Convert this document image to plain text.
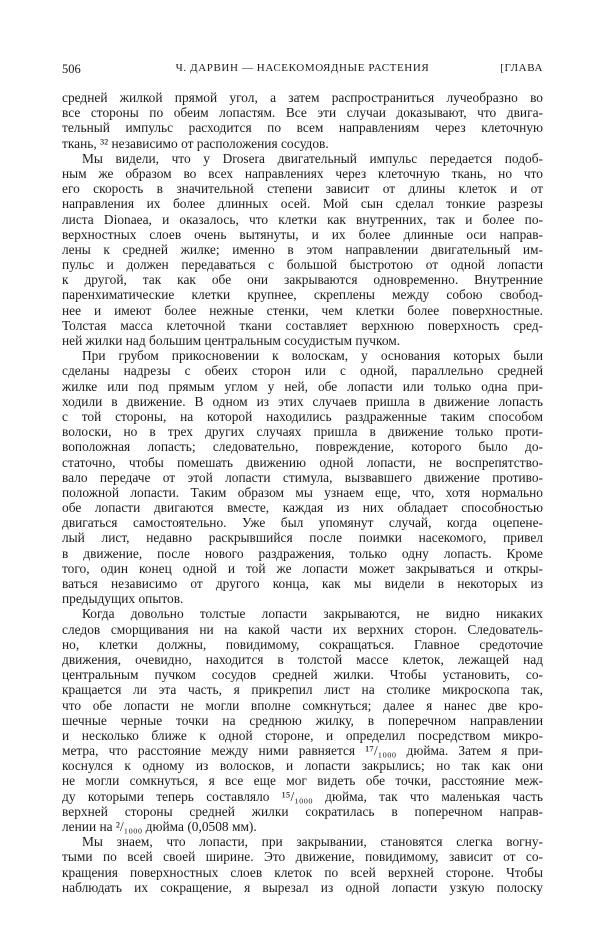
506	Ч. ДАРВИН — НАСЕКОМОЯДНЫЕ РАСТЕНИЯ	[ГЛАВА
средней жилкой прямой угол, а затем распространиться лучеобразно во
все стороны по обеим лопастям. Все эти случаи доказывают, что двига-
тельный импульс расходится по всем направлениям через клеточную
ткань, ³² независимо от расположения сосудов.
Мы видели, что у Drosera двигательный импульс передается подоб-
ным же образом во всех направлениях через клеточную ткань, но что
его скорость в значительной степени зависит от длины клеток и от
направления их более длинных осей. Мой сын сделал тонкие разрезы
листа Dionaea, и оказалось, что клетки как внутренних, так и более по-
верхностных слоев очень вытянуты, и их более длинные оси направ-
лены к средней жилке; именно в этом направлении двигательный им-
пульс и должен передаваться с большой быстротою от одной лопасти
к другой, так как обе они закрываются одновременно. Внутренние
паренхиматические клетки крупнее, скреплены между собою свобод-
нее и имеют более нежные стенки, чем клетки более поверхностные.
Толстая масса клеточной ткани составляет верхнюю поверхность сред-
ней жилки над большим центральным сосудистым пучком.
При грубом прикосновении к волоскам, у основания которых были
сделаны надрезы с обеих сторон или с одной, параллельно средней
жилке или под прямым углом у ней, обе лопасти или только одна при-
ходили в движение. В одном из этих случаев пришла в движение лопасть
с той стороны, на которой находились раздраженные таким способом
волоски, но в трех других случаях пришла в движение только проти-
воположная лопасть; следовательно, повреждение, которого было до-
статочно, чтобы помешать движению одной лопасти, не воспрепятство-
вало передаче от этой лопасти стимула, вызвавшего движение противо-
положной лопасти. Таким образом мы узнаем еще, что, хотя нормально
обе лопасти двигаются вместе, каждая из них обладает способностью
двигаться самостоятельно. Уже был упомянут случай, когда оцепене-
лый лист, недавно раскрывшийся после поимки насекомого, привел
в движение, после нового раздражения, только одну лопасть. Кроме
того, один конец одной и той же лопасти может закрываться и откры-
ваться независимо от другого конца, как мы видели в некоторых из
предыдущих опытов.
Когда довольно толстые лопасти закрываются, не видно никаких
следов сморщивания ни на какой части их верхних сторон. Следователь-
но, клетки должны, повидимому, сокращаться. Главное средоточие
движения, очевидно, находится в толстой массе клеток, лежащей над
центральным пучком сосудов средней жилки. Чтобы установить, со-
кращается ли эта часть, я прикрепил лист на столике микроскопа так,
что обе лопасти не могли вполне сомкнуться; далее я нанес две кро-
шечные черные точки на среднюю жилку, в поперечном направлении
и несколько ближе к одной стороне, и определил посредством микро-
метра, что расстояние между ними равняется ¹⁷/₁₀₀₀ дюйма. Затем я при-
коснулся к одному из волосков, и лопасти закрылись; но так как они
не могли сомкнуться, я все еще мог видеть обе точки, расстояние меж-
ду которыми теперь составляло ¹⁵/₁₀₀₀ дюйма, так что маленькая часть
верхней стороны средней жилки сократилась в поперечном направ-
лении на ²/₁₀₀₀ дюйма (0,0508 мм).
Мы знаем, что лопасти, при закрывании, становятся слегка вогну-
тыми по всей своей ширине. Это движение, повидимому, зависит от со-
кращения поверхностных слоев клеток по всей верхней стороне. Чтобы
наблюдать их сокращение, я вырезал из одной лопасти узкую полоску
